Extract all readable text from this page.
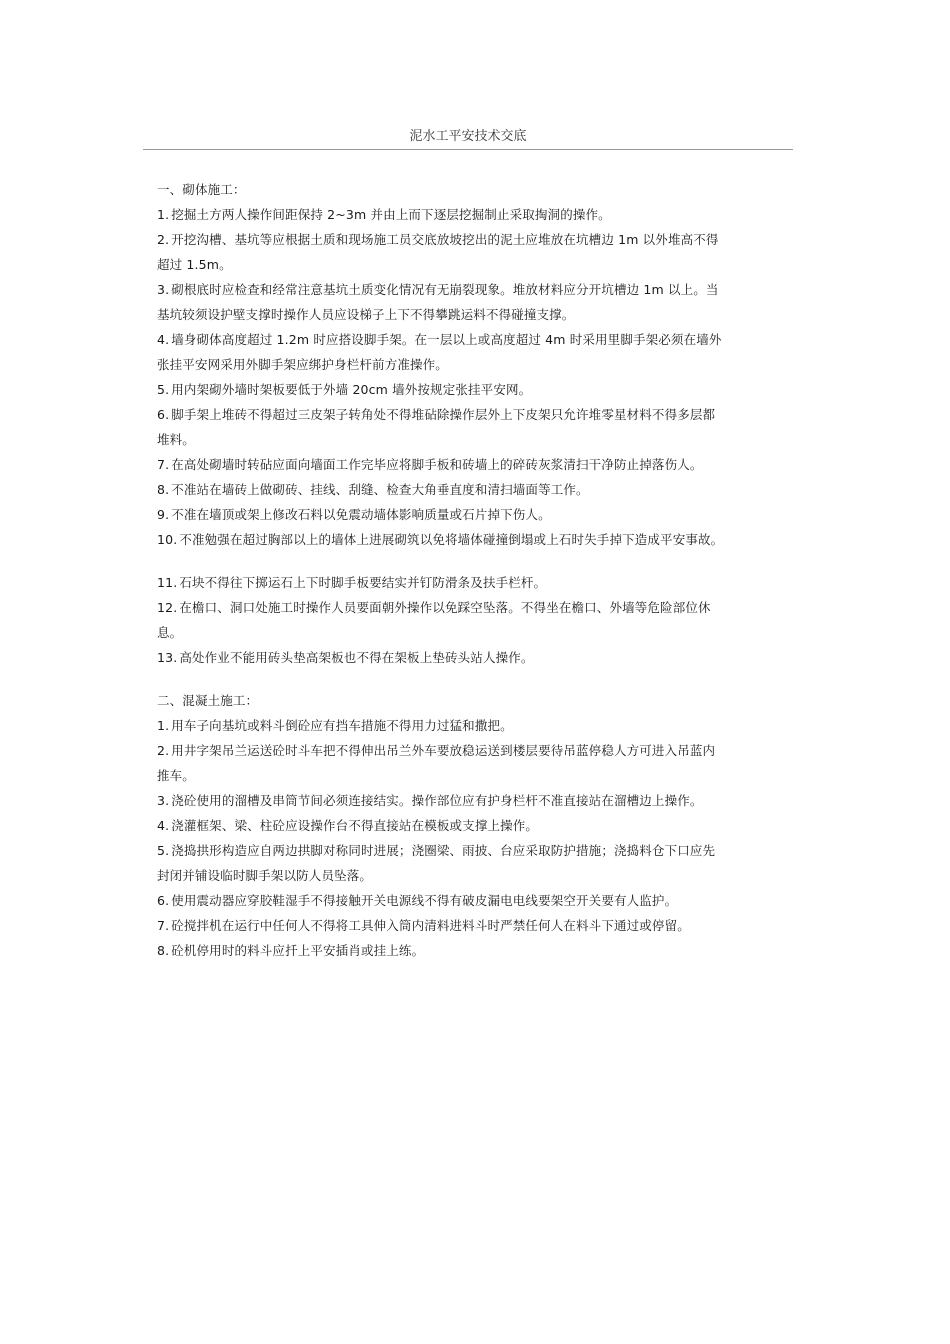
泥水工平安技术交底
一、砌体施工：
1. 挖掘土方两人操作间距保持 2~3m 并由上而下逐层挖掘制止采取掏洞的操作。
2. 开挖沟槽、基坑等应根据土质和现场施工员交底放坡挖出的泥土应堆放在坑槽边 1m 以外堆高不得
超过 1.5m。
3. 砌根底时应检查和经常注意基坑土质变化情况有无崩裂现象。堆放材料应分开坑槽边 1m 以上。当
基坑较须设护壁支撑时操作人员应设梯子上下不得攀跳运料不得碰撞支撑。
4. 墙身砌体高度超过 1.2m 时应搭设脚手架。在一层以上或高度超过 4m 时采用里脚手架必须在墙外
张挂平安网采用外脚手架应绑护身栏杆前方准操作。
5. 用内架砌外墙时架板要低于外墙 20cm 墙外按规定张挂平安网。
6. 脚手架上堆砖不得超过三皮架子转角处不得堆砧除操作层外上下皮架只允许堆零星材料不得多层都
堆料。
7. 在高处砌墙时转砧应面向墙面工作完毕应将脚手板和砖墙上的碎砖灰浆清扫干净防止掉落伤人。
8. 不准站在墙砖上做砌砖、挂线、刮缝、检查大角垂直度和清扫墙面等工作。
9. 不准在墙顶或架上修改石料以免震动墙体影响质量或石片掉下伤人。
10. 不准勉强在超过胸部以上的墙体上进展砌筑以免将墙体碰撞倒塌或上石时失手掉下造成平安事故。
11. 石块不得往下掷运石上下时脚手板要结实并钉防滑条及扶手栏杆。
12. 在檐口、洞口处施工时操作人员要面朝外操作以免踩空坠落。不得坐在檐口、外墙等危险部位休
息。
13. 高处作业不能用砖头垫高架板也不得在架板上垫砖头站人操作。
二、混凝土施工：
1. 用车子向基坑或料斗倒砼应有挡车措施不得用力过猛和撒把。
2. 用井字架吊兰运送砼时斗车把不得伸出吊兰外车要放稳运送到楼层要待吊蓝停稳人方可进入吊蓝内
推车。
3. 浇砼使用的溜槽及串筒节间必须连接结实。操作部位应有护身栏杆不准直接站在溜槽边上操作。
4. 浇灌框架、梁、柱砼应设操作台不得直接站在模板或支撑上操作。
5. 浇捣拱形构造应自两边拱脚对称同时进展；浇圈梁、雨披、台应采取防护措施；浇捣料仓下口应先
封闭并铺设临时脚手架以防人员坠落。
6. 使用震动器应穿胶鞋湿手不得接触开关电源线不得有破皮漏电电线要架空开关要有人监护。
7. 砼搅拌机在运行中任何人不得将工具伸入筒内清料进料斗时严禁任何人在料斗下通过或停留。
8. 砼机停用时的料斗应扦上平安插肖或挂上练。
